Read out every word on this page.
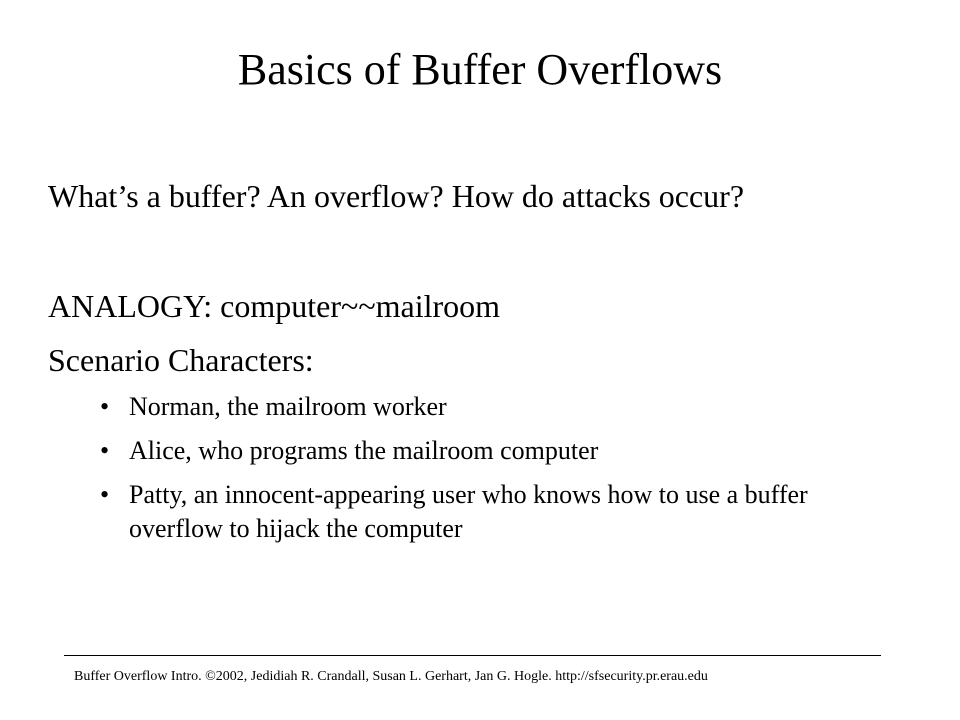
Basics of Buffer Overflows
What’s a buffer? An overflow? How do attacks occur?
ANALOGY: computer~~mailroom
Scenario Characters:
• Norman, the mailroom worker
• Alice, who programs the mailroom computer
• Patty, an innocent-appearing user who knows how to use a buffer overflow to hijack the computer
Buffer Overflow Intro. ©2002, Jedidiah R. Crandall, Susan L. Gerhart, Jan G. Hogle. http://sfsecurity.pr.erau.edu
